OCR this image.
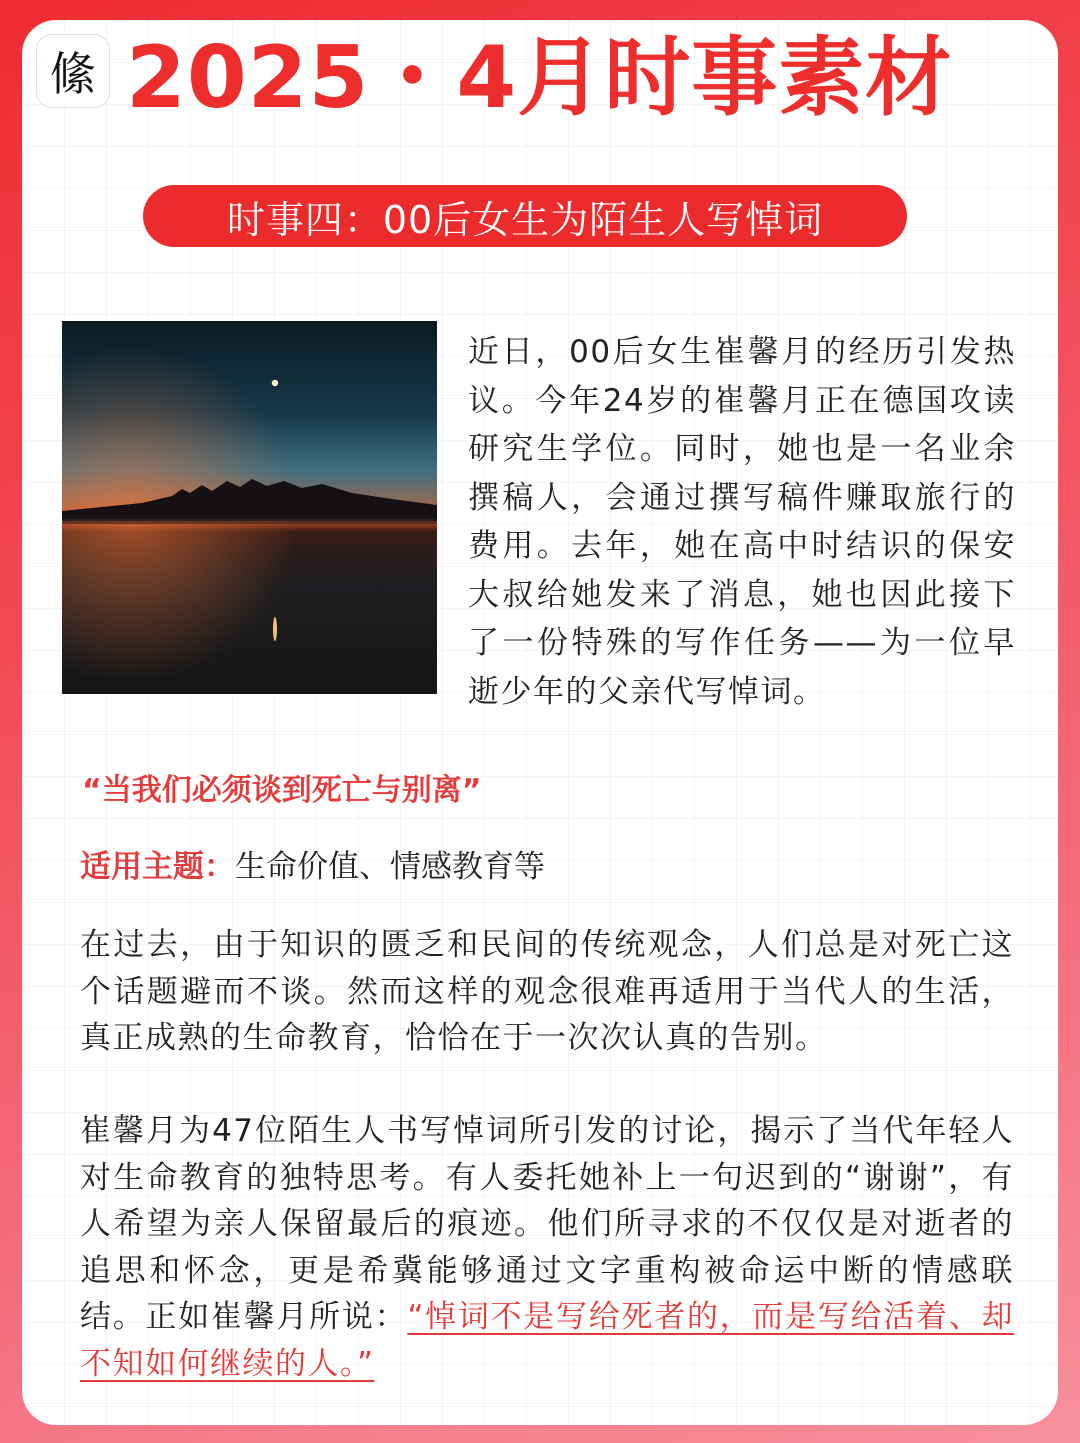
絛 2025・4月时事素材
时事四：00后女生为陌生人写悼词
近日，00后女生崔馨月的经历引发热议。今年24岁的崔馨月正在德国攻读研究生学位。同时，她也是一名业余撰稿人，会通过撰写稿件赚取旅行的费用。去年，她在高中时结识的保安大叔给她发来了消息，她也因此接下了一份特殊的写作任务——为一位早逝少年的父亲代写悼词。
“当我们必须谈到死亡与别离”
适用主题：生命价值、情感教育等
在过去，由于知识的匮乏和民间的传统观念，人们总是对死亡这个话题避而不谈。然而这样的观念很难再适用于当代人的生活，真正成熟的生命教育，恰恰在于一次次认真的告别。
崔馨月为47位陌生人书写悼词所引发的讨论，揭示了当代年轻人对生命教育的独特思考。有人委托她补上一句迟到的“谢谢”，有人希望为亲人保留最后的痕迹。他们所寻求的不仅仅是对逝者的追思和怀念，更是希冀能够通过文字重构被命运中断的情感联结。正如崔馨月所说：“悼词不是写给死者的，而是写给活着、却不知如何继续的人。”
